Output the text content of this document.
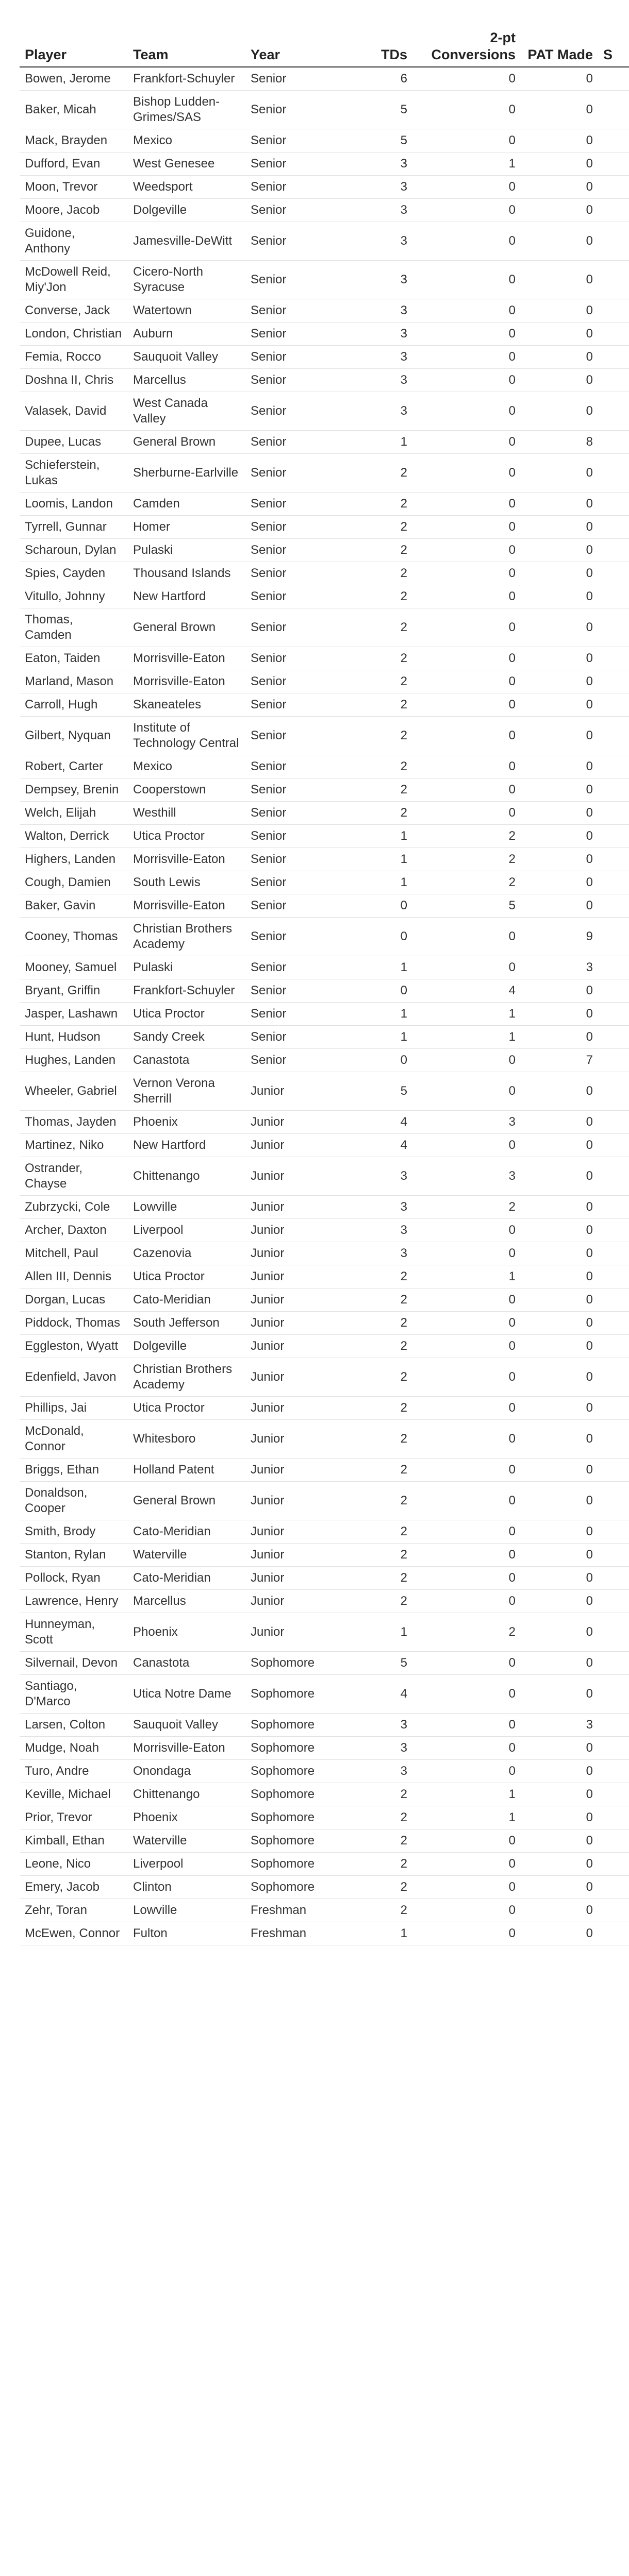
Player	Team	Year	TDs	2-pt Conversions	PAT Made	S
Bowen, Jerome	Frankfort-Schuyler	Senior	6	0	0	
Baker, Micah	Bishop Ludden-Grimes/SAS	Senior	5	0	0	
Mack, Brayden	Mexico	Senior	5	0	0	
Dufford, Evan	West Genesee	Senior	3	1	0	
Moon, Trevor	Weedsport	Senior	3	0	0	
Moore, Jacob	Dolgeville	Senior	3	0	0	
Guidone, Anthony	Jamesville-DeWitt	Senior	3	0	0	
McDowell Reid, Miy'Jon	Cicero-North Syracuse	Senior	3	0	0	
Converse, Jack	Watertown	Senior	3	0	0	
London, Christian	Auburn	Senior	3	0	0	
Femia, Rocco	Sauquoit Valley	Senior	3	0	0	
Doshna II, Chris	Marcellus	Senior	3	0	0	
Valasek, David	West Canada Valley	Senior	3	0	0	
Dupee, Lucas	General Brown	Senior	1	0	8	
Schieferstein, Lukas	Sherburne-Earlville	Senior	2	0	0	
Loomis, Landon	Camden	Senior	2	0	0	
Tyrrell, Gunnar	Homer	Senior	2	0	0	
Scharoun, Dylan	Pulaski	Senior	2	0	0	
Spies, Cayden	Thousand Islands	Senior	2	0	0	
Vitullo, Johnny	New Hartford	Senior	2	0	0	
Thomas, Camden	General Brown	Senior	2	0	0	
Eaton, Taiden	Morrisville-Eaton	Senior	2	0	0	
Marland, Mason	Morrisville-Eaton	Senior	2	0	0	
Carroll, Hugh	Skaneateles	Senior	2	0	0	
Gilbert, Nyquan	Institute of Technology Central	Senior	2	0	0	
Robert, Carter	Mexico	Senior	2	0	0	
Dempsey, Brenin	Cooperstown	Senior	2	0	0	
Welch, Elijah	Westhill	Senior	2	0	0	
Walton, Derrick	Utica Proctor	Senior	1	2	0	
Highers, Landen	Morrisville-Eaton	Senior	1	2	0	
Cough, Damien	South Lewis	Senior	1	2	0	
Baker, Gavin	Morrisville-Eaton	Senior	0	5	0	
Cooney, Thomas	Christian Brothers Academy	Senior	0	0	9	
Mooney, Samuel	Pulaski	Senior	1	0	3	
Bryant, Griffin	Frankfort-Schuyler	Senior	0	4	0	
Jasper, Lashawn	Utica Proctor	Senior	1	1	0	
Hunt, Hudson	Sandy Creek	Senior	1	1	0	
Hughes, Landen	Canastota	Senior	0	0	7	
Wheeler, Gabriel	Vernon Verona Sherrill	Junior	5	0	0	
Thomas, Jayden	Phoenix	Junior	4	3	0	
Martinez, Niko	New Hartford	Junior	4	0	0	
Ostrander, Chayse	Chittenango	Junior	3	3	0	
Zubrzycki, Cole	Lowville	Junior	3	2	0	
Archer, Daxton	Liverpool	Junior	3	0	0	
Mitchell, Paul	Cazenovia	Junior	3	0	0	
Allen III, Dennis	Utica Proctor	Junior	2	1	0	
Dorgan, Lucas	Cato-Meridian	Junior	2	0	0	
Piddock, Thomas	South Jefferson	Junior	2	0	0	
Eggleston, Wyatt	Dolgeville	Junior	2	0	0	
Edenfield, Javon	Christian Brothers Academy	Junior	2	0	0	
Phillips, Jai	Utica Proctor	Junior	2	0	0	
McDonald, Connor	Whitesboro	Junior	2	0	0	
Briggs, Ethan	Holland Patent	Junior	2	0	0	
Donaldson, Cooper	General Brown	Junior	2	0	0	
Smith, Brody	Cato-Meridian	Junior	2	0	0	
Stanton, Rylan	Waterville	Junior	2	0	0	
Pollock, Ryan	Cato-Meridian	Junior	2	0	0	
Lawrence, Henry	Marcellus	Junior	2	0	0	
Hunneyman, Scott	Phoenix	Junior	1	2	0	
Silvernail, Devon	Canastota	Sophomore	5	0	0	
Santiago, D'Marco	Utica Notre Dame	Sophomore	4	0	0	
Larsen, Colton	Sauquoit Valley	Sophomore	3	0	3	
Mudge, Noah	Morrisville-Eaton	Sophomore	3	0	0	
Turo, Andre	Onondaga	Sophomore	3	0	0	
Keville, Michael	Chittenango	Sophomore	2	1	0	
Prior, Trevor	Phoenix	Sophomore	2	1	0	
Kimball, Ethan	Waterville	Sophomore	2	0	0	
Leone, Nico	Liverpool	Sophomore	2	0	0	
Emery, Jacob	Clinton	Sophomore	2	0	0	
Zehr, Toran	Lowville	Freshman	2	0	0	
McEwen, Connor	Fulton	Freshman	1	0	0	
